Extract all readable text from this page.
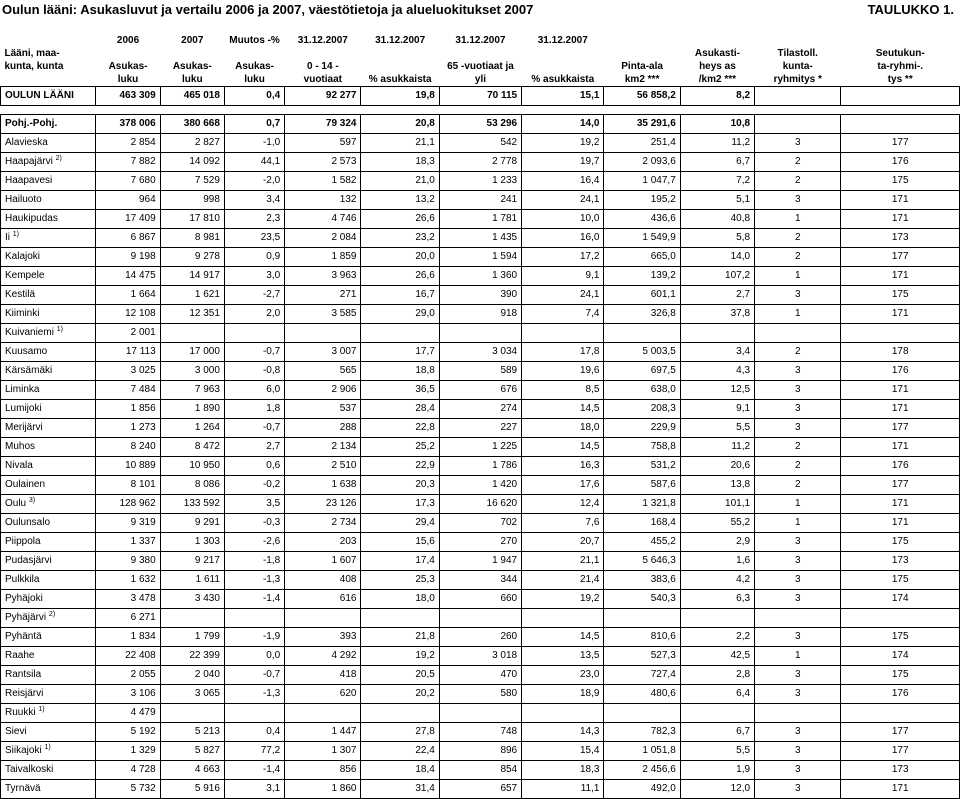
Oulun lääni: Asukasluvut ja vertailu 2006 ja 2007, väestötietoja ja alueluokitukset 2007	TAULUKKO 1.
	2006	2007	Muutos -%	31.12.2007	31.12.2007	31.12.2007	31.12.2007				
Lääni, maa-									Asukasti-	Tilastoll.	Seutukun-
kunta, kunta	Asukas-	Asukas-	Asukas-	0 - 14 -		65 -vuotiaat ja		Pinta-ala	heys as	kunta-	ta-ryhmi-.
	luku	luku	luku	vuotiaat	% asukkaista	yli	% asukkaista	km2 ***	/km2 ***	ryhmitys *	tys **
OULUN LÄÄNI	463 309	465 018	0,4	92 277	19,8	70 115	15,1	56 858,2	8,2		

Pohj.-Pohj.	378 006	380 668	0,7	79 324	20,8	53 296	14,0	35 291,6	10,8		
Alavieska	2 854	2 827	-1,0	597	21,1	542	19,2	251,4	11,2	3	177
Haapajärvi $^{2)}$	7 882	14 092	44,1	2 573	18,3	2 778	19,7	2 093,6	6,7	2	176
Haapavesi	7 680	7 529	-2,0	1 582	21,0	1 233	16,4	1 047,7	7,2	2	175
Hailuoto	964	998	3,4	132	13,2	241	24,1	195,2	5,1	3	171
Haukipudas	17 409	17 810	2,3	4 746	26,6	1 781	10,0	436,6	40,8	1	171
Ii $^{1)}$	6 867	8 981	23,5	2 084	23,2	1 435	16,0	1 549,9	5,8	2	173
Kalajoki	9 198	9 278	0,9	1 859	20,0	1 594	17,2	665,0	14,0	2	177
Kempele	14 475	14 917	3,0	3 963	26,6	1 360	9,1	139,2	107,2	1	171
Kestilä	1 664	1 621	-2,7	271	16,7	390	24,1	601,1	2,7	3	175
Kiiminki	12 108	12 351	2,0	3 585	29,0	918	7,4	326,8	37,8	1	171
Kuivaniemi $^{1)}$	2 001										
Kuusamo	17 113	17 000	-0,7	3 007	17,7	3 034	17,8	5 003,5	3,4	2	178
Kärsämäki	3 025	3 000	-0,8	565	18,8	589	19,6	697,5	4,3	3	176
Liminka	7 484	7 963	6,0	2 906	36,5	676	8,5	638,0	12,5	3	171
Lumijoki	1 856	1 890	1,8	537	28,4	274	14,5	208,3	9,1	3	171
Merijärvi	1 273	1 264	-0,7	288	22,8	227	18,0	229,9	5,5	3	177
Muhos	8 240	8 472	2,7	2 134	25,2	1 225	14,5	758,8	11,2	2	171
Nivala	10 889	10 950	0,6	2 510	22,9	1 786	16,3	531,2	20,6	2	176
Oulainen	8 101	8 086	-0,2	1 638	20,3	1 420	17,6	587,6	13,8	2	177
Oulu $^{3)}$	128 962	133 592	3,5	23 126	17,3	16 620	12,4	1 321,8	101,1	1	171
Oulunsalo	9 319	9 291	-0,3	2 734	29,4	702	7,6	168,4	55,2	1	171
Piippola	1 337	1 303	-2,6	203	15,6	270	20,7	455,2	2,9	3	175
Pudasjärvi	9 380	9 217	-1,8	1 607	17,4	1 947	21,1	5 646,3	1,6	3	173
Pulkkila	1 632	1 611	-1,3	408	25,3	344	21,4	383,6	4,2	3	175
Pyhäjoki	3 478	3 430	-1,4	616	18,0	660	19,2	540,3	6,3	3	174
Pyhäjärvi $^{2)}$	6 271										
Pyhäntä	1 834	1 799	-1,9	393	21,8	260	14,5	810,6	2,2	3	175
Raahe	22 408	22 399	0,0	4 292	19,2	3 018	13,5	527,3	42,5	1	174
Rantsila	2 055	2 040	-0,7	418	20,5	470	23,0	727,4	2,8	3	175
Reisjärvi	3 106	3 065	-1,3	620	20,2	580	18,9	480,6	6,4	3	176
Ruukki $^{1)}$	4 479										
Sievi	5 192	5 213	0,4	1 447	27,8	748	14,3	782,3	6,7	3	177
Siikajoki $^{1)}$	1 329	5 827	77,2	1 307	22,4	896	15,4	1 051,8	5,5	3	177
Taivalkoski	4 728	4 663	-1,4	856	18,4	854	18,3	2 456,6	1,9	3	173
Tyrnävä	5 732	5 916	3,1	1 860	31,4	657	11,1	492,0	12,0	3	171
